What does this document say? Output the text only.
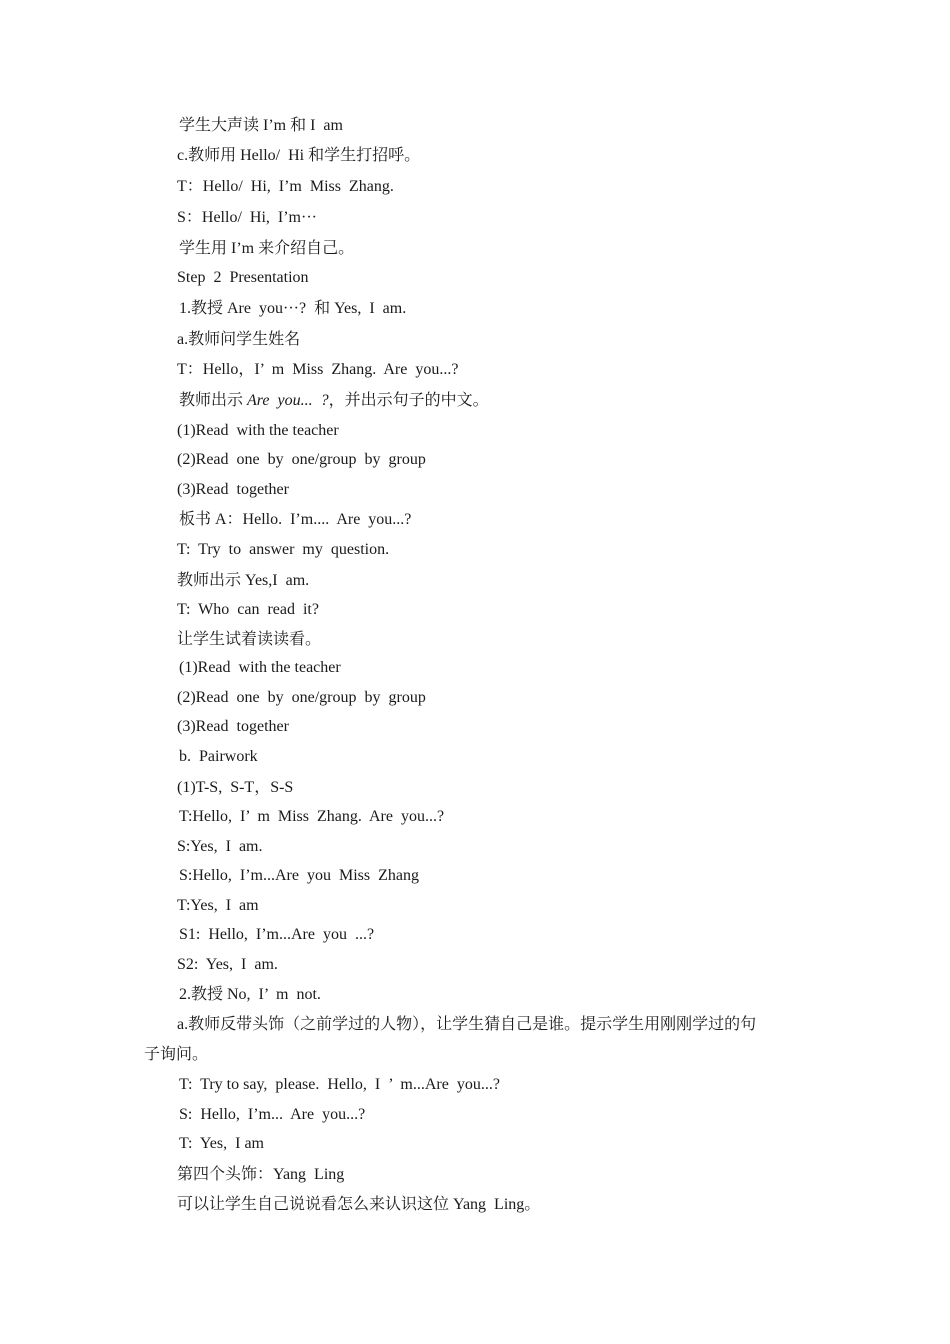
学生大声读 I’m 和 I  am
c.教师用 Hello/  Hi 和学生打招呼。
T：Hello/  Hi,  I’m  Miss  Zhang.
S：Hello/  Hi,  I’m···
学生用 I’m 来介绍自己。
Step  2  Presentation
1.教授 Are  you···?  和 Yes,  I  am.
a.教师问学生姓名
T：Hello，I’  m  Miss  Zhang.  Are  you...?
教师出示 Are  you...  ?，并出示句子的中文。
(1)Read  with the teacher
(2)Read  one  by  one/group  by  group
(3)Read  together
板书 A：Hello.  I’m....  Are  you...?
T:  Try  to  answer  my  question.
教师出示 Yes,I  am.
T:  Who  can  read  it?
让学生试着读读看。
(1)Read  with the teacher
(2)Read  one  by  one/group  by  group
(3)Read  together
b.  Pairwork
(1)T-S,  S-T，S-S
T:Hello,  I’  m  Miss  Zhang.  Are  you...?
S:Yes,  I  am.
S:Hello,  I’m...Are  you  Miss  Zhang
T:Yes,  I  am
S1:  Hello,  I’m...Are  you  ...?
S2:  Yes,  I  am.
2.教授 No,  I’  m  not.
a.教师反带头饰（之前学过的人物），让学生猜自己是谁。提示学生用刚刚学过的句
子询问。
T:  Try to say,  please.  Hello,  I  ’  m...Are  you...?
S:  Hello,  I’m...  Are  you...?
T:  Yes,  I am
第四个头饰：Yang  Ling
可以让学生自己说说看怎么来认识这位 Yang  Ling。
